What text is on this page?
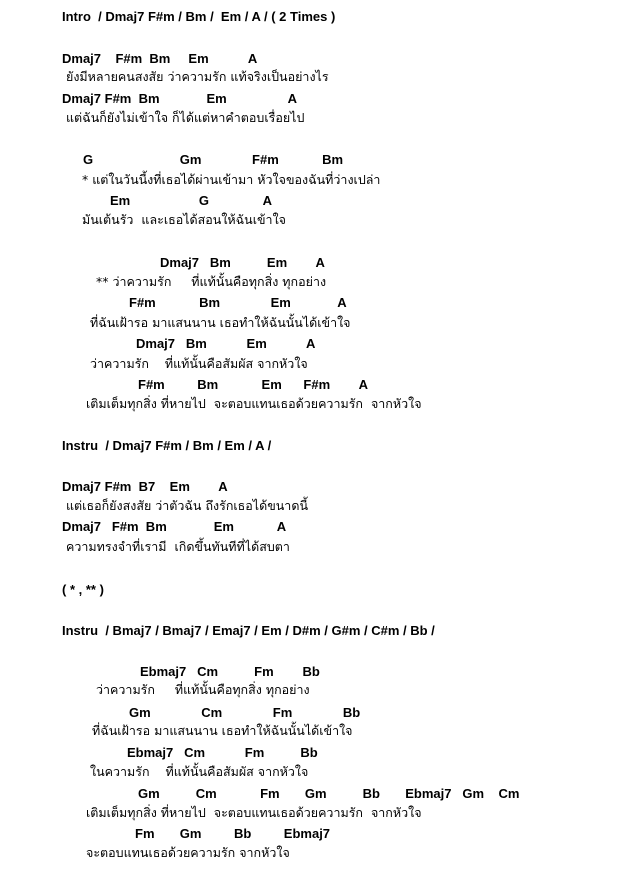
Intro  / Dmaj7 F#m / Bm /  Em / A / ( 2 Times )
Dmaj7    F#m  Bm     Em           A
ยังมีหลายคนสงสัย ว่าความรัก แท้จริงเป็นอย่างไร
Dmaj7 F#m  Bm             Em                 A
แต่ฉันก็ยังไม่เข้าใจ ก็ได้แต่หาคำตอบเรื่อยไป
G                        Gm              F#m            Bm
* แต่ในวันนี้งที่เธอได้ผ่านเข้ามา หัวใจของฉันที่ว่างเปล่า
Em                   G               A
มันเต้นรัว  และเธอได้สอนให้ฉันเข้าใจ
Dmaj7   Bm          Em        A
** ว่าความรัก     ที่แท้นั้นคือทุกสิ่ง ทุกอย่าง
F#m            Bm              Em             A
ที่ฉันเฝ้ารอ มาแสนนาน เธอทำให้ฉันนั้นได้เข้าใจ
Dmaj7   Bm           Em           A
ว่าความรัก    ที่แท้นั้นคือสัมผัส จากหัวใจ
F#m         Bm            Em      F#m        A
เติมเต็มทุกสิ่ง ที่หายไป  จะตอบแทนเธอด้วยความรัก  จากหัวใจ
Instru  / Dmaj7 F#m / Bm / Em / A /
Dmaj7 F#m  B7    Em        A
แต่เธอก็ยังสงสัย ว่าตัวฉัน ถึงรักเธอได้ขนาดนี้
Dmaj7   F#m  Bm             Em            A
ความทรงจำที่เรามี  เกิดขึ้นทันทีที่ได้สบตา
( * , ** )
Instru  / Bmaj7 / Bmaj7 / Emaj7 / Em / D#m / G#m / C#m / Bb /
Ebmaj7   Cm          Fm        Bb
ว่าความรัก     ที่แท้นั้นคือทุกสิ่ง ทุกอย่าง
Gm              Cm              Fm              Bb
ที่ฉันเฝ้ารอ มาแสนนาน เธอทำให้ฉันนั้นได้เข้าใจ
Ebmaj7   Cm           Fm          Bb
ในความรัก    ที่แท้นั้นคือสัมผัส จากหัวใจ
Gm          Cm            Fm       Gm          Bb       Ebmaj7   Gm    Cm
เติมเต็มทุกสิ่ง ที่หายไป  จะตอบแทนเธอด้วยความรัก  จากหัวใจ
Fm       Gm         Bb         Ebmaj7
จะตอบแทนเธอด้วยความรัก จากหัวใจ
